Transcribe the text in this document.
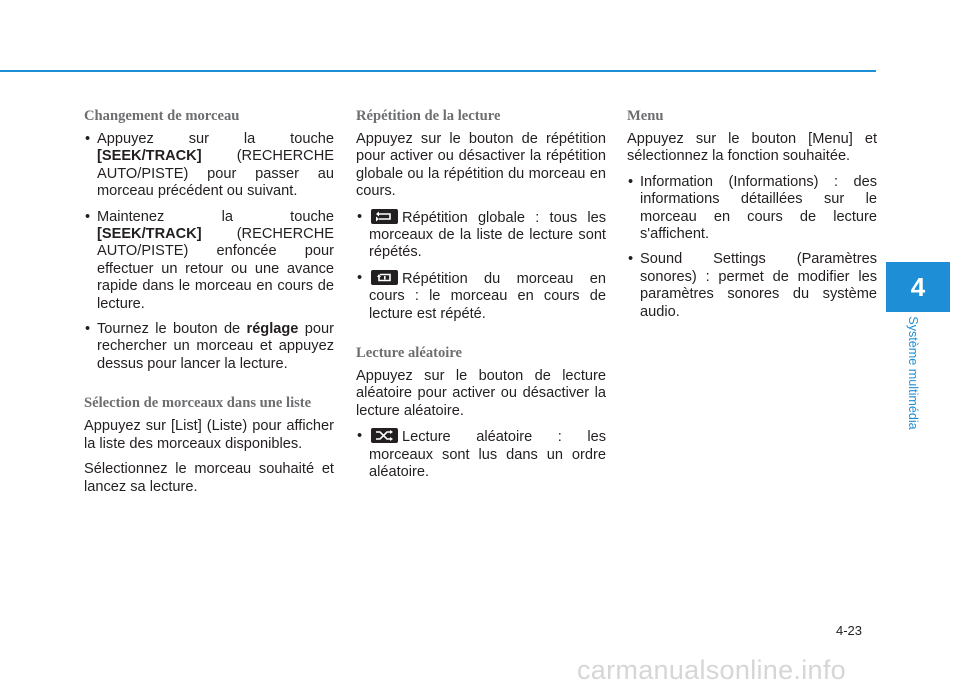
Changement de morceau
• Appuyez sur la touche [SEEK/TRACK] (RECHERCHE AUTO/PISTE) pour passer au morceau précédent ou suivant.
• Maintenez la touche [SEEK/TRACK] (RECHERCHE AUTO/PISTE) enfoncée pour effectuer un retour ou une avance rapide dans le morceau en cours de lecture.
• Tournez le bouton de réglage pour rechercher un morceau et appuyez dessus pour lancer la lecture.
Sélection de morceaux dans une liste

Appuyez sur [List] (Liste) pour afficher la liste des morceaux disponibles.

Sélectionnez le morceau souhaité et lancez sa lecture.

Répétition de la lecture

Appuyez sur le bouton de répétition pour activer ou désactiver la répétition globale ou la répétition du morceau en cours.

• Répétition globale : tous les morceaux de la liste de lecture sont répétés.
• Répétition du morceau en cours : le morceau en cours de lecture est répété.
Lecture aléatoire

Appuyez sur le bouton de lecture aléatoire pour activer ou désactiver la lecture aléatoire.

• Lecture aléatoire : les morceaux sont lus dans un ordre aléatoire.
Menu

Appuyez sur le bouton [Menu] et sélectionnez la fonction souhaitée.

• Information (Informations) : des informations détaillées sur le morceau en cours de lecture s'affichent.
• Sound Settings (Paramètres sonores) : permet de modifier les paramètres sonores du système audio.
4
Système multimédia
4-23
carmanualsonline.info
